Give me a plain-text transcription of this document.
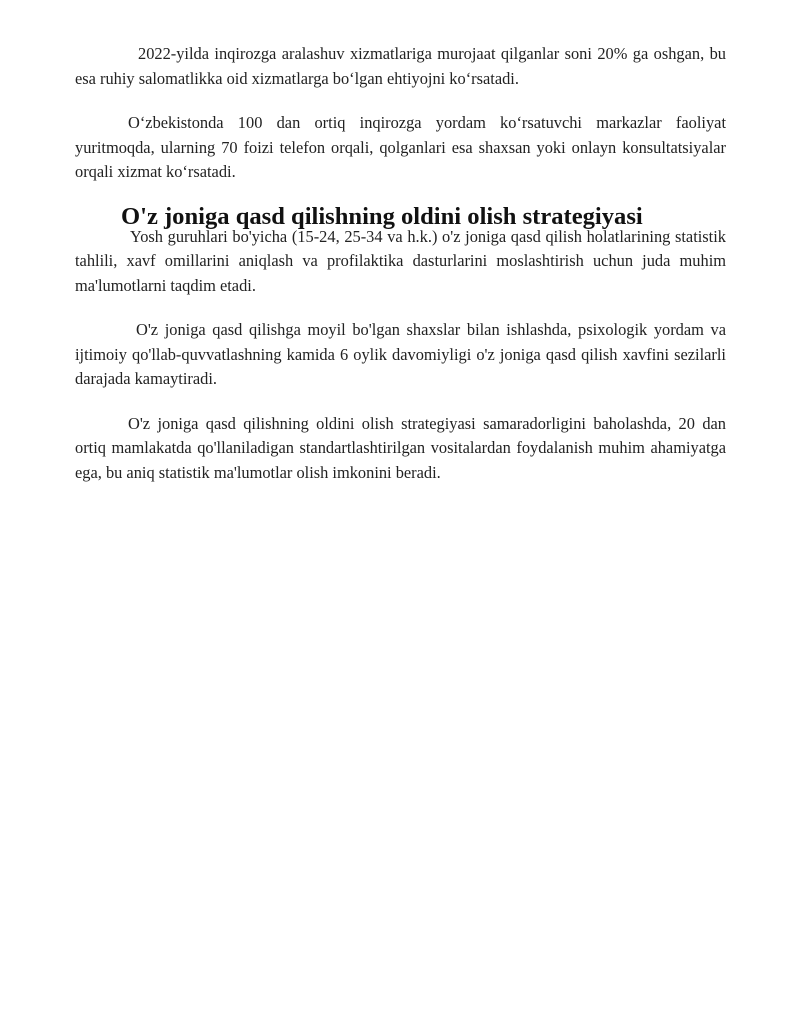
2022-yilda inqirozga aralashuv xizmatlariga murojaat qilganlar soni 20% ga oshgan, bu esa ruhiy salomatlikka oid xizmatlarga boʻlgan ehtiyojni koʻrsatadi.

Oʻzbekistonda 100 dan ortiq inqirozga yordam koʻrsatuvchi markazlar faoliyat yuritmoqda, ularning 70 foizi telefon orqali, qolganlari esa shaxsan yoki onlayn konsultatsiyalar orqali xizmat koʻrsatadi.

O'z joniga qasd qilishning oldini olish strategiyasi

Yosh guruhlari bo'yicha (15-24, 25-34 va h.k.) o'z joniga qasd qilish holatlarining statistik tahlili, xavf omillarini aniqlash va profilaktika dasturlarini moslashtirish uchun juda muhim ma'lumotlarni taqdim etadi.

O'z joniga qasd qilishga moyil bo'lgan shaxslar bilan ishlashda, psixologik yordam va ijtimoiy qo'llab-quvvatlashning kamida 6 oylik davomiyligi o'z joniga qasd qilish xavfini sezilarli darajada kamaytiradi.

O'z joniga qasd qilishning oldini olish strategiyasi samaradorligini baholashda, 20 dan ortiq mamlakatda qo'llaniladigan standartlashtirilgan vositalardan foydalanish muhim ahamiyatga ega, bu aniq statistik ma'lumotlar olish imkonini beradi.
